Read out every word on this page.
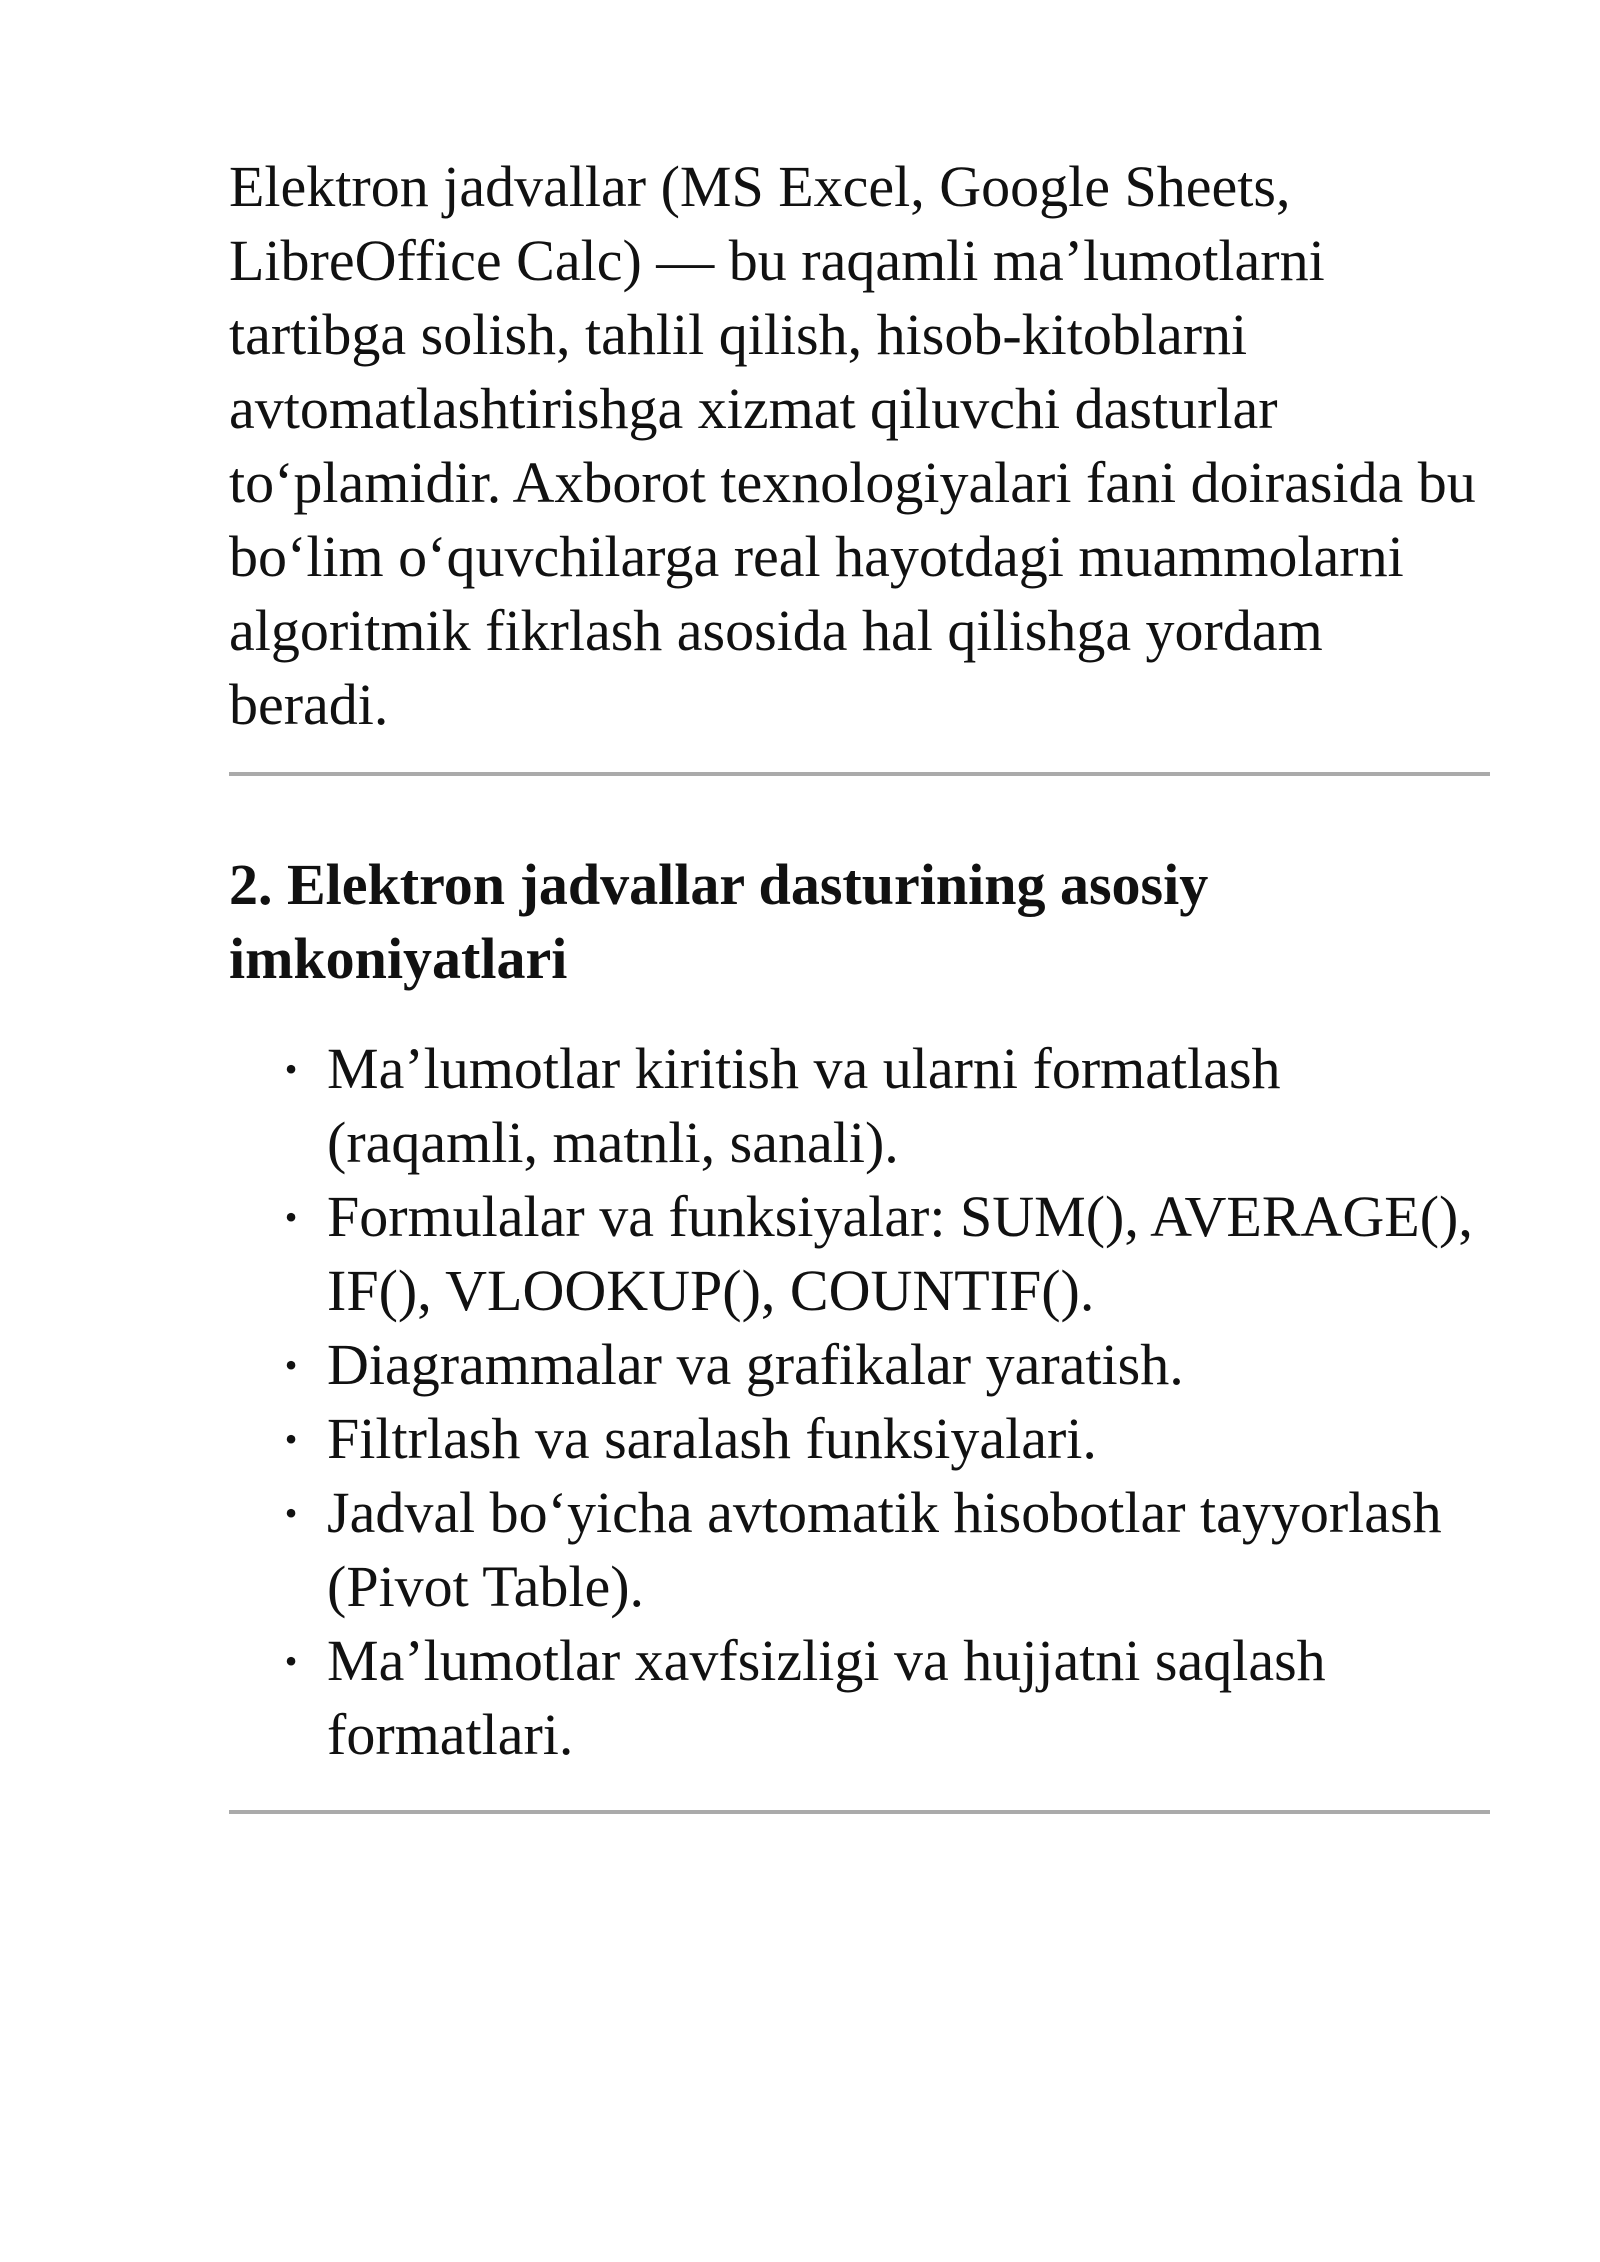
Elektron jadvallar (MS Excel, Google Sheets, LibreOffice Calc) — bu raqamli ma’lumotlarni tartibga solish, tahlil qilish, hisob-kitoblarni avtomatlashtirishga xizmat qiluvchi dasturlar to‘plamidir. Axborot texnologiyalari fani doirasida bu bo‘lim o‘quvchilarga real hayotdagi muammolarni algoritmik fikrlash asosida hal qilishga yordam beradi.

2. Elektron jadvallar dasturining asosiy imkoniyatlari
• Ma’lumotlar kiritish va ularni formatlash (raqamli, matnli, sanali).
• Formulalar va funksiyalar: SUM(), AVERAGE(), IF(), VLOOKUP(), COUNTIF().
• Diagrammalar va grafikalar yaratish.
• Filtrlash va saralash funksiyalari.
• Jadval bo‘yicha avtomatik hisobotlar tayyorlash (Pivot Table).
• Ma’lumotlar xavfsizligi va hujjatni saqlash formatlari.
